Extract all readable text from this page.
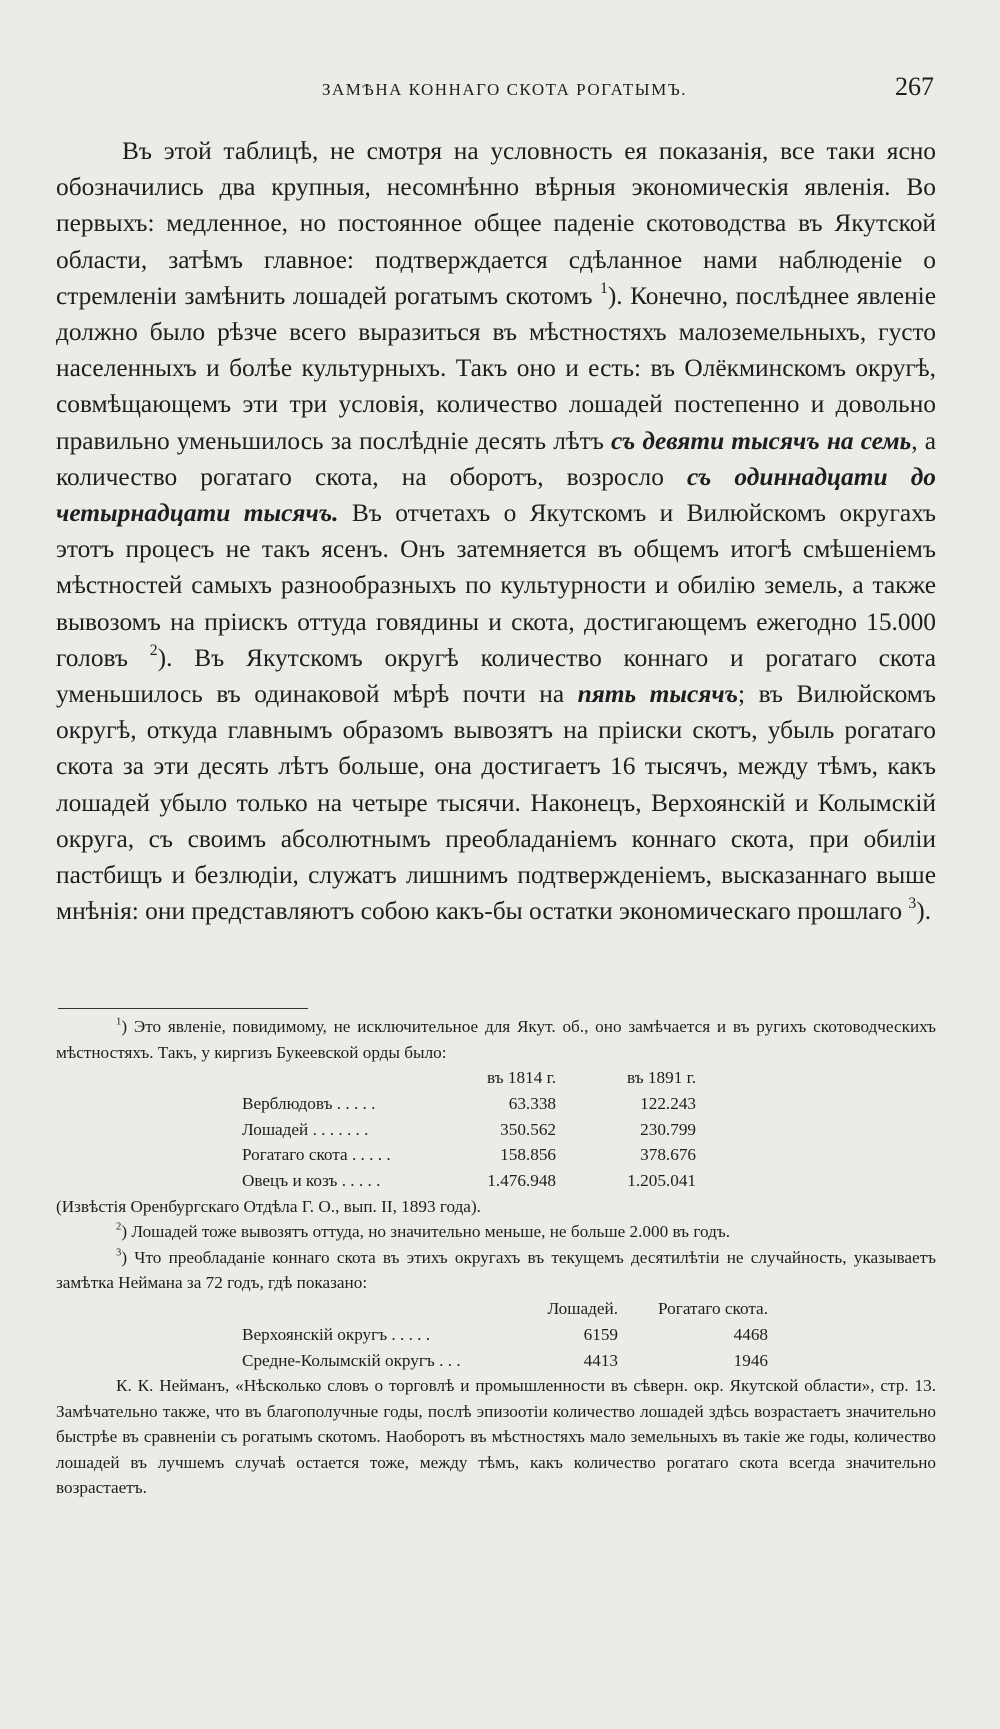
ЗАМѢНА КОННАГО СКОТА РОГАТЫМЪ.	267

Въ этой таблицѣ, не смотря на условность ея показанія, все таки ясно обозначились два крупныя, несомнѣнно вѣрныя экономическія явленія. Во первыхъ: медленное, но постоянное общее паденіе скотоводства въ Якутской области, затѣмъ главное: подтверждается сдѣланное нами наблюденіе о стремленіи замѣнить лошадей рогатымъ скотомъ $^1$). Конечно, послѣднее явленіе должно было рѣзче всего выразиться въ мѣстностяхъ малоземельныхъ, густо населенныхъ и болѣе культурныхъ. Такъ оно и есть: въ Олёкминскомъ округѣ, совмѣщающемъ эти три условія, количество лошадей постепенно и довольно правильно уменьшилось за послѣдніе десять лѣтъ съ девяти тысячъ на семь, а количество рогатаго скота, на оборотъ, возросло съ одиннадцати до четырнадцати тысячъ. Въ отчетахъ о Якутскомъ и Вилюйскомъ округахъ этотъ процесъ не такъ ясенъ. Онъ затемняется въ общемъ итогѣ смѣшеніемъ мѣстностей самыхъ разнообразныхъ по культурности и обилію земель, а также вывозомъ на пріискъ оттуда говядины и скота, достигающемъ ежегодно 15.000 головъ $^2$). Въ Якутскомъ округѣ количество коннаго и рогатаго скота уменьшилось въ одинаковой мѣрѣ почти на пять тысячъ; въ Вилюйскомъ округѣ, откуда главнымъ образомъ вывозятъ на пріиски скотъ, убыль рогатаго скота за эти десять лѣтъ больше, она достигаетъ 16 тысячъ, между тѣмъ, какъ лошадей убыло только на четыре тысячи. Наконецъ, Верхоянскій и Колымскій округа, съ своимъ абсолютнымъ преобладаніемъ коннаго скота, при обиліи пастбищъ и безлюдіи, служатъ лишнимъ подтвержденіемъ, высказаннаго выше мнѣнія: они представляютъ собою какъ-бы остатки экономическаго прошлаго $^3$).

$^1$) Это явленіе, повидимому, не исключительное для Якут. об., оно замѣчается и въ ругихъ скотоводческихъ мѣстностяхъ. Такъ, у киргизъ Букеевской орды было:

	въ 1814 г.	въ 1891 г.
Верблюдовъ . . . . .	63.338	122.243
Лошадей . . . . . . .	350.562	230.799
Рогатаго скота . . . . .	158.856	378.676
Овецъ и козъ . . . . .	1.476.948	1.205.041

(Извѣстія Оренбургскаго Отдѣла Г. О., вып. II, 1893 года).

$^2$) Лошадей тоже вывозятъ оттуда, но значительно меньше, не больше 2.000 въ годъ.

$^3$) Что преобладаніе коннаго скота въ этихъ округахъ въ текущемъ десятилѣтіи не случайность, указываетъ замѣтка Неймана за 72 годъ, гдѣ показано:

	Лошадей.	Рогатаго скота.
Верхоянскій округъ . . . . .	6159	4468
Средне-Колымскій округъ . . .	4413	1946

К. К. Нейманъ, «Нѣсколько словъ о торговлѣ и промышленности въ сѣверн. окр. Якутской области», стр. 13. Замѣчательно также, что въ благополучные годы, послѣ эпизоотіи количество лошадей здѣсь возрастаетъ значительно быстрѣе въ сравненіи съ рогатымъ скотомъ. Наоборотъ въ мѣстностяхъ мало земельныхъ въ такіе же годы, количество лошадей въ лучшемъ случаѣ остается тоже, между тѣмъ, какъ количество рогатаго скота всегда значительно возрастаетъ.
